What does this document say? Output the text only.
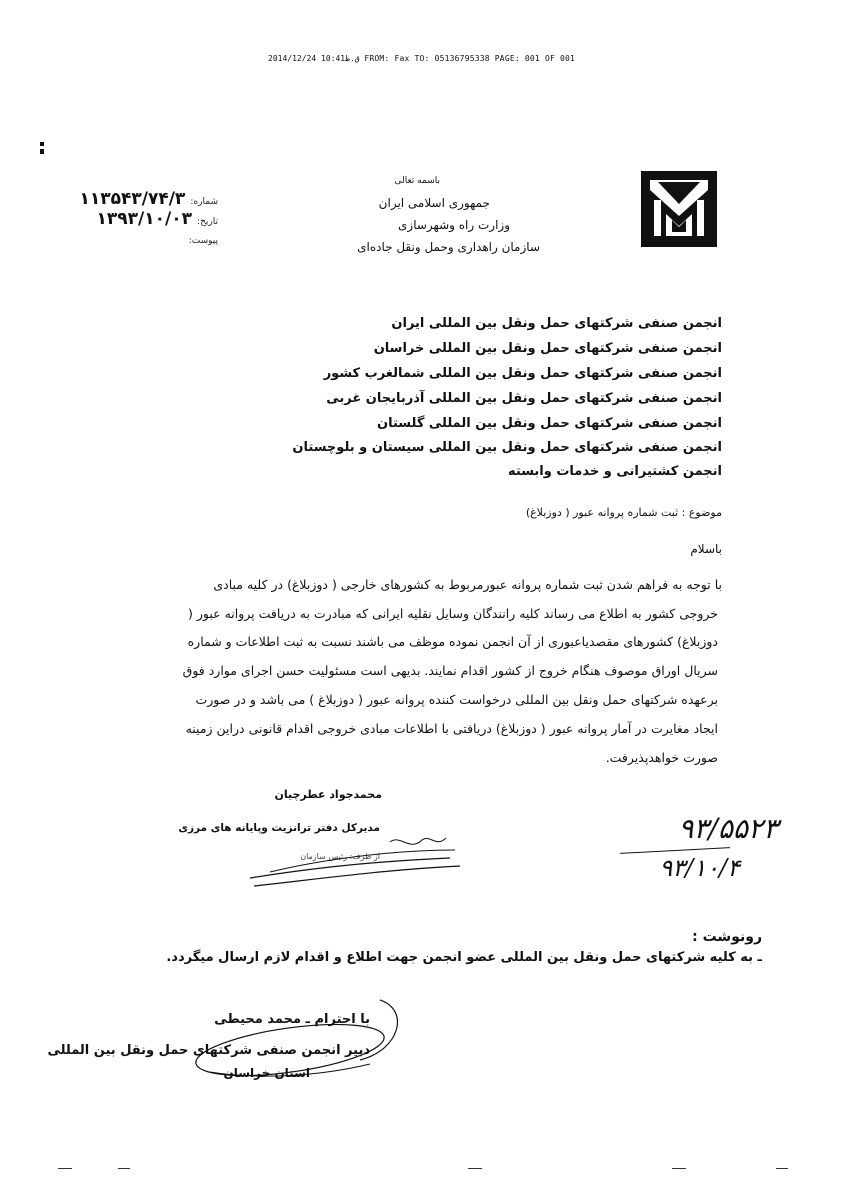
ق.ظ10:41 2014/12/24 FROM: Fax TO: 05136795338 PAGE: 001 OF 001
باسمه تعالی
جمهوری اسلامی ایران
وزارت راه وشهرسازی
سازمان راهداری وحمل ونقل جاده‌ای
شماره: ۱۱۳۵۴۳/۷۴/۳
تاریخ: ۱۳۹۳/۱۰/۰۳
پیوست:
انجمن صنفی شرکتهای حمل ونقل بین المللی ایران
انجمن صنفی شرکتهای حمل ونقل بین المللی خراسان
انجمن صنفی شرکتهای حمل ونقل بین المللی شمالغرب کشور
انجمن صنفی شرکتهای حمل ونقل بین المللی آذربایجان غربی
انجمن صنفی شرکتهای حمل ونقل بین المللی گلستان
انجمن صنفی شرکتهای حمل ونقل بین المللی سیستان و بلوچستان
انجمن کشتیرانی و خدمات وابسته
موضوع : ثبت شماره پروانه عبور ( دوزبلاغ)
باسلام
با توجه به فراهم شدن ثبت شماره پروانه عبورمربوط به کشورهای خارجی ( دوزبلاغ) در کلیه مبادی
خروجی کشور به اطلاع می رساند کلیه رانندگان وسایل نقلیه ایرانی که مبادرت به دریافت پروانه عبور (
دوزبلاغ) کشورهای مقصدیاعبوری از آن انجمن نموده موظف می باشند نسبت به ثبت اطلاعات و شماره
سریال اوراق موصوف هنگام خروج از کشور اقدام نمایند. بدیهی است مسئولیت حسن اجرای موارد فوق
برعهده شرکتهای حمل ونقل بین المللی درخواست کننده پروانه عبور ( دوزبلاغ ) می باشد و در صورت
ایجاد مغایرت در آمار پروانه عبور ( دوزبلاغ) دریافتی با اطلاعات مبادی خروجی اقدام قانونی دراین زمینه
صورت خواهدپذیرفت.
محمدجواد عطرچیان
مدیرکل دفتر ترانزیت وپایانه های مرزی
از طرف: رئیس سازمان
۹۳/۵۵۲۳
۹۳/۱۰/۴
رونوشت :
ـ به کلیه شرکتهای حمل ونقل بین المللی عضو انجمن جهت اطلاع و اقدام لازم ارسال میگردد.
با احترام ـ محمد محیطی
دبیر انجمن صنفی شرکتهای حمل ونقل بین المللی
استان خراسان
